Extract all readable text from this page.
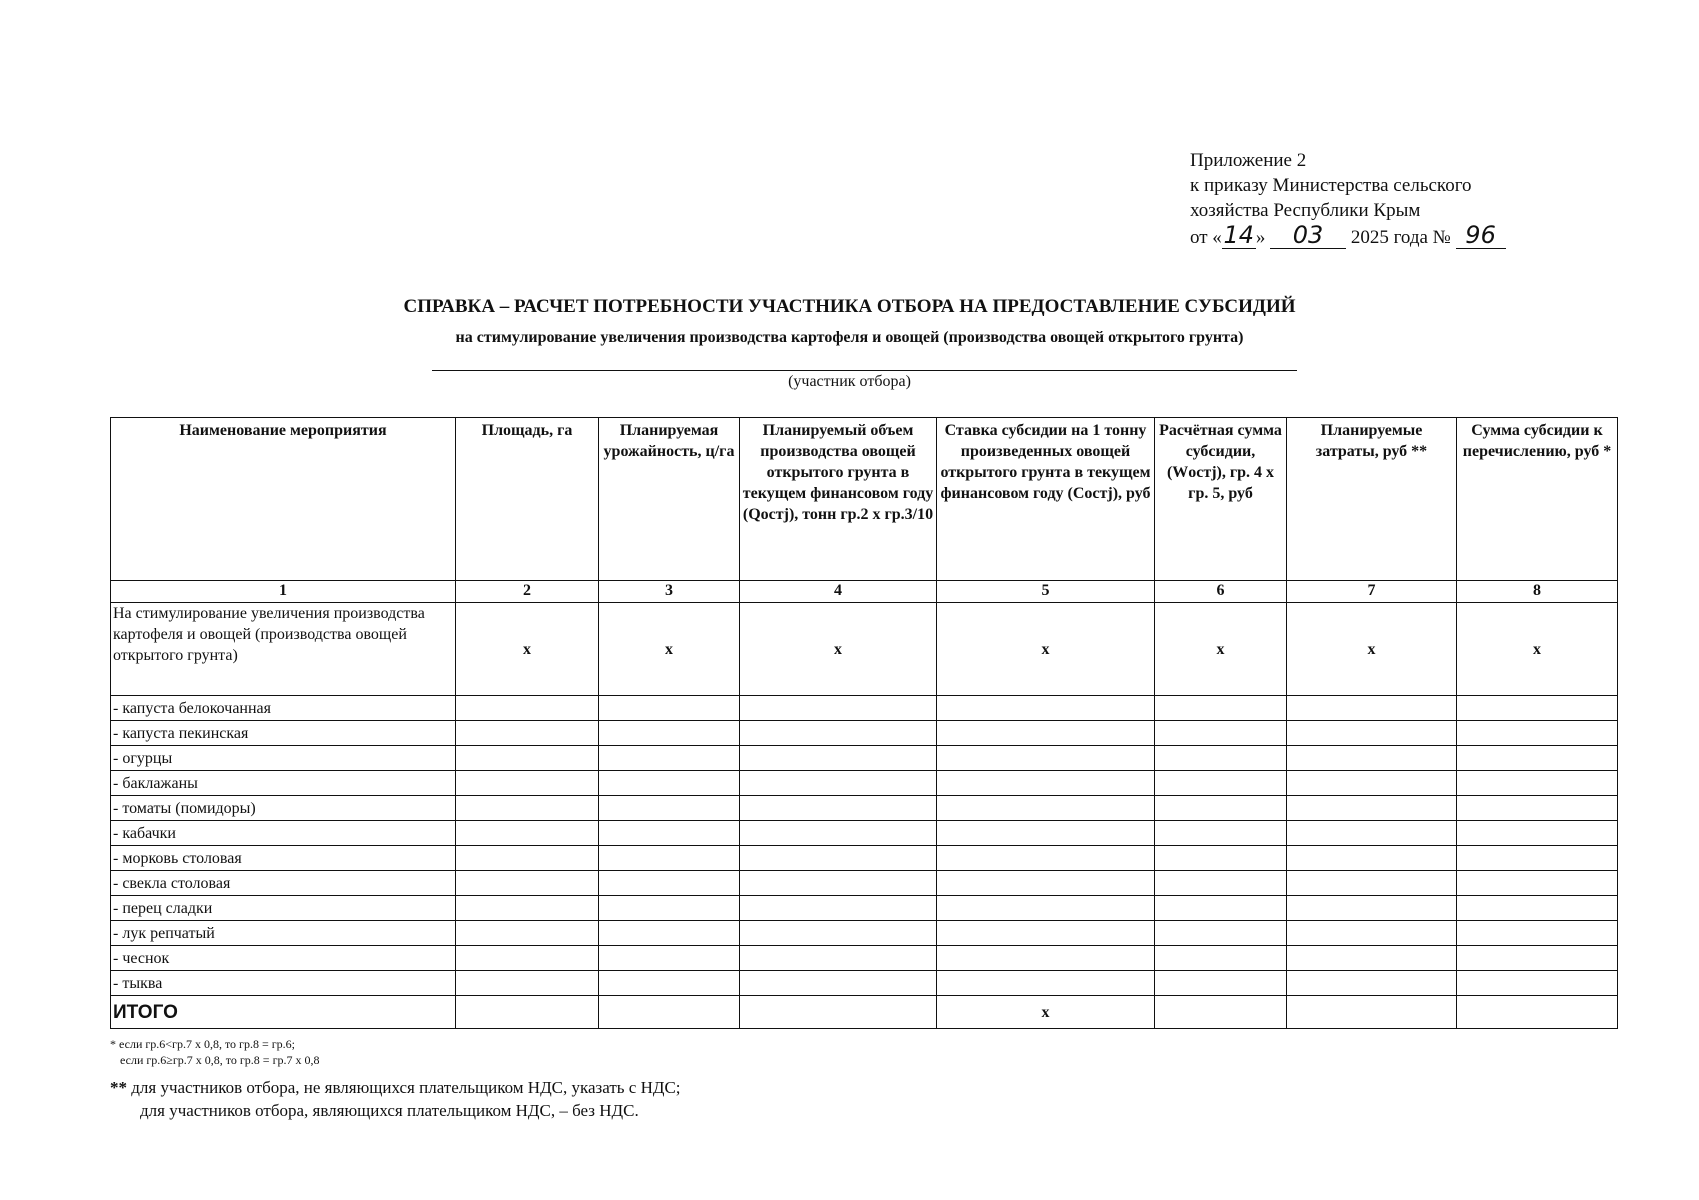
Приложение 2
к приказу Министерства сельского
хозяйства Республики Крым
от «14» 03 2025 года № 96
СПРАВКА – РАСЧЕТ ПОТРЕБНОСТИ УЧАСТНИКА ОТБОРА НА ПРЕДОСТАВЛЕНИЕ СУБСИДИЙ
на стимулирование увеличения производства картофеля и овощей (производства овощей открытого грунта)
(участник отбора)
Наименование мероприятия	Площадь, га	Планируемая урожайность, ц/га	Планируемый объем производства овощей открытого грунта в текущем финансовом году (Qостj), тонн гр.2 х гр.3/10	Ставка субсидии на 1 тонну произведенных овощей открытого грунта в текущем финансовом году (Состj), руб	Расчётная сумма субсидии, (Wостj), гр. 4 х гр. 5, руб	Планируемые затраты, руб **	Сумма субсидии к перечислению, руб *
1	2	3	4	5	6	7	8
На стимулирование увеличения производства картофеля и овощей (производства овощей открытого грунта)	x	x	x	x	x	x	x
- капуста белокочанная							
- капуста пекинская							
- огурцы							
- баклажаны							
- томаты (помидоры)							
- кабачки							
- морковь столовая							
- свекла столовая							
- перец сладки							
- лук репчатый							
- чеснок							
- тыква							
ИТОГО				x			
* если гр.6<гр.7 х 0,8, то гр.8 = гр.6;
если гр.6≥гр.7 х 0,8, то гр.8 = гр.7 х 0,8
** для участников отбора, не являющихся плательщиком НДС, указать с НДС;
для участников отбора, являющихся плательщиком НДС, – без НДС.
